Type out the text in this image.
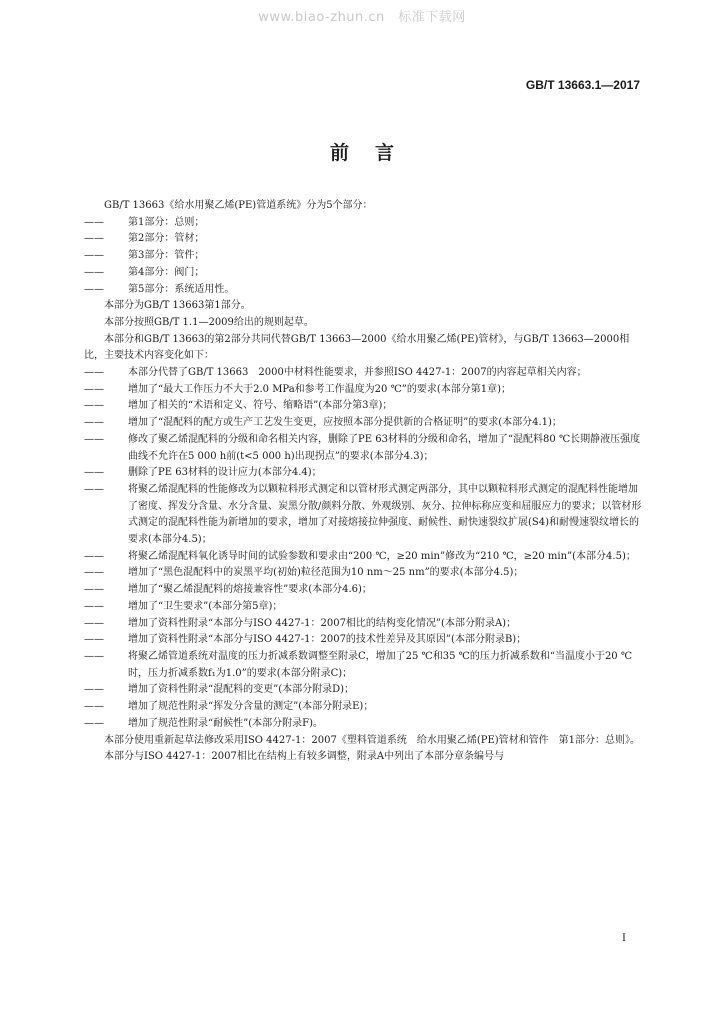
www.biao-zhun.cn　标准下载网
GB/T 13663.1—2017
前言
GB/T 13663《给水用聚乙烯(PE)管道系统》分为5个部分：
—— 第1部分：总则；
—— 第2部分：管材；
—— 第3部分：管件；
—— 第4部分：阀门；
—— 第5部分：系统适用性。
本部分为GB/T 13663第1部分。
本部分按照GB/T 1.1—2009给出的规则起草。
本部分和GB/T 13663的第2部分共同代替GB/T 13663—2000《给水用聚乙烯(PE)管材》，与GB/T 13663—2000相比，主要技术内容变化如下：
—— 本部分代替了GB/T 13663　2000中材料性能要求，并参照ISO 4427-1：2007的内容起草相关内容；
—— 增加了“最大工作压力不大于2.0 MPa和参考工作温度为20 ℃”的要求(本部分第1章)；
—— 增加了相关的“术语和定义、符号、缩略语”(本部分第3章)；
—— 增加了“混配料的配方或生产工艺发生变更，应按照本部分提供新的合格证明”的要求(本部分4.1)；
—— 修改了聚乙烯混配料的分级和命名相关内容，删除了PE 63材料的分级和命名，增加了“混配料80 ℃长期静液压强度曲线不允许在5 000 h前(t<5 000 h)出现拐点”的要求(本部分4.3)；
—— 删除了PE 63材料的设计应力(本部分4.4)；
—— 将聚乙烯混配料的性能修改为以颗粒料形式测定和以管材形式测定两部分，其中以颗粒料形式测定的混配料性能增加了密度、挥发分含量、水分含量、炭黑分散/颜料分散、外观级别、灰分、拉伸标称应变和屈服应力的要求；以管材形式测定的混配料性能为新增加的要求，增加了对接熔接拉伸强度、耐候性、耐快速裂纹扩展(S4)和耐慢速裂纹增长的要求(本部分4.5)；
—— 将聚乙烯混配料氧化诱导时间的试验参数和要求由“200 ℃，≥20 min”修改为“210 ℃，≥20 min”(本部分4.5)；
—— 增加了“黑色混配料中的炭黑平均(初始)粒径范围为10 nm～25 nm”的要求(本部分4.5)；
—— 增加了“聚乙烯混配料的熔接兼容性”要求(本部分4.6)；
—— 增加了“卫生要求”(本部分第5章)；
—— 增加了资料性附录“本部分与ISO 4427-1：2007相比的结构变化情况”(本部分附录A)；
—— 增加了资料性附录“本部分与ISO 4427-1：2007的技术性差异及其原因”(本部分附录B)；
—— 将聚乙烯管道系统对温度的压力折减系数调整至附录C，增加了25 ℃和35 ℃的压力折减系数和“当温度小于20 ℃时，压力折减系数f₁为1.0”的要求(本部分附录C)；
—— 增加了资料性附录“混配料的变更”(本部分附录D)；
—— 增加了规范性附录“挥发分含量的测定”(本部分附录E)；
—— 增加了规范性附录“耐候性”(本部分附录F)。
本部分使用重新起草法修改采用ISO 4427-1：2007《塑料管道系统　给水用聚乙烯(PE)管材和管件　第1部分：总则》。
本部分与ISO 4427-1：2007相比在结构上有较多调整，附录A中列出了本部分章条编号与
I
